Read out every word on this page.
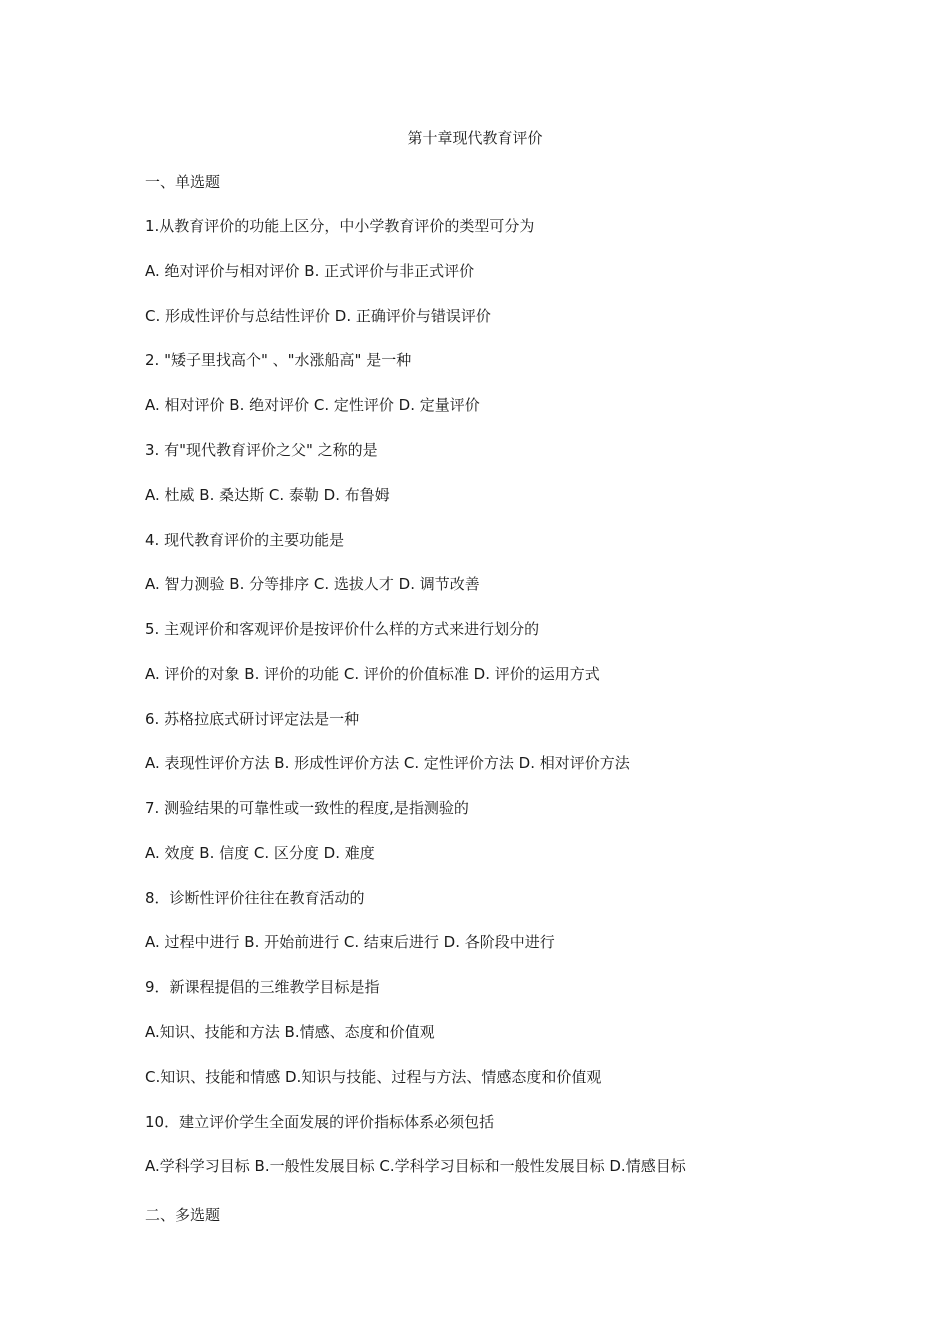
第十章现代教育评价
一、单选题
1.从教育评价的功能上区分，中小学教育评价的类型可分为
A. 绝对评价与相对评价 B. 正式评价与非正式评价
C. 形成性评价与总结性评价 D. 正确评价与错误评价
2. "矮子里找高个" 、"水涨船高" 是一种
A. 相对评价 B. 绝对评价 C. 定性评价 D. 定量评价
3. 有"现代教育评价之父" 之称的是
A. 杜威 B. 桑达斯 C. 泰勒 D. 布鲁姆
4. 现代教育评价的主要功能是
A. 智力测验 B. 分等排序 C. 选拔人才 D. 调节改善
5. 主观评价和客观评价是按评价什么样的方式来进行划分的
A. 评价的对象 B. 评价的功能 C. 评价的价值标准 D. 评价的运用方式
6. 苏格拉底式研讨评定法是一种
A. 表现性评价方法 B. 形成性评价方法 C. 定性评价方法 D. 相对评价方法
7. 测验结果的可靠性或一致性的程度,是指测验的
A. 效度 B. 信度 C. 区分度 D. 难度
8．诊断性评价往往在教育活动的
A. 过程中进行 B. 开始前进行 C. 结束后进行 D. 各阶段中进行
9．新课程提倡的三维教学目标是指
A.知识、技能和方法 B.情感、态度和价值观
C.知识、技能和情感 D.知识与技能、过程与方法、情感态度和价值观
10．建立评价学生全面发展的评价指标体系必须包括
A.学科学习目标 B.一般性发展目标 C.学科学习目标和一般性发展目标 D.情感目标
二、多选题
